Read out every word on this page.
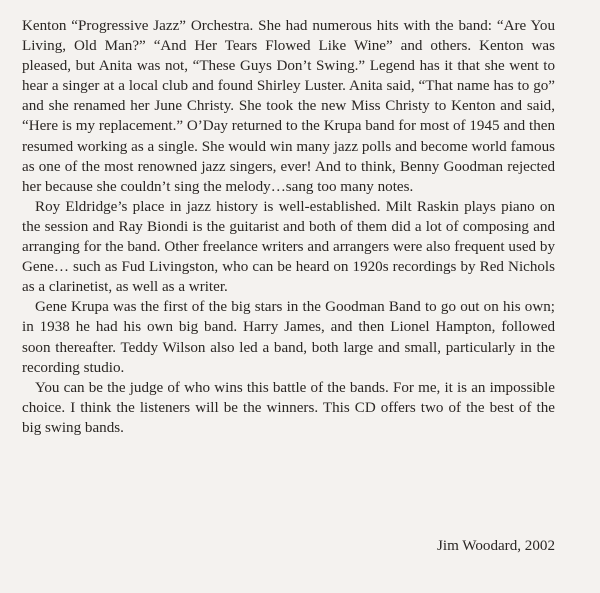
Kenton “Progressive Jazz” Orchestra. She had numerous hits with the band: “Are You Living, Old Man?” “And Her Tears Flowed Like Wine” and others. Kenton was pleased, but Anita was not, “These Guys Don’t Swing.” Legend has it that she went to hear a singer at a local club and found Shirley Luster. Anita said, “That name has to go” and she renamed her June Christy. She took the new Miss Christy to Kenton and said, “Here is my replacement.” O’Day returned to the Krupa band for most of 1945 and then resumed working as a single. She would win many jazz polls and become world famous as one of the most renowned jazz singers, ever! And to think, Benny Goodman rejected her because she couldn’t sing the melody…sang too many notes.

Roy Eldridge’s place in jazz history is well-established. Milt Raskin plays piano on the session and Ray Biondi is the guitarist and both of them did a lot of composing and arranging for the band. Other freelance writers and arrangers were also frequent used by Gene… such as Fud Livingston, who can be heard on 1920s recordings by Red Nichols as a clarinetist, as well as a writer.

Gene Krupa was the first of the big stars in the Goodman Band to go out on his own; in 1938 he had his own big band. Harry James, and then Lionel Hampton, followed soon thereafter. Teddy Wilson also led a band, both large and small, particularly in the recording studio.

You can be the judge of who wins this battle of the bands. For me, it is an impossible choice. I think the listeners will be the winners. This CD offers two of the best of the big swing bands.

Jim Woodard, 2002
